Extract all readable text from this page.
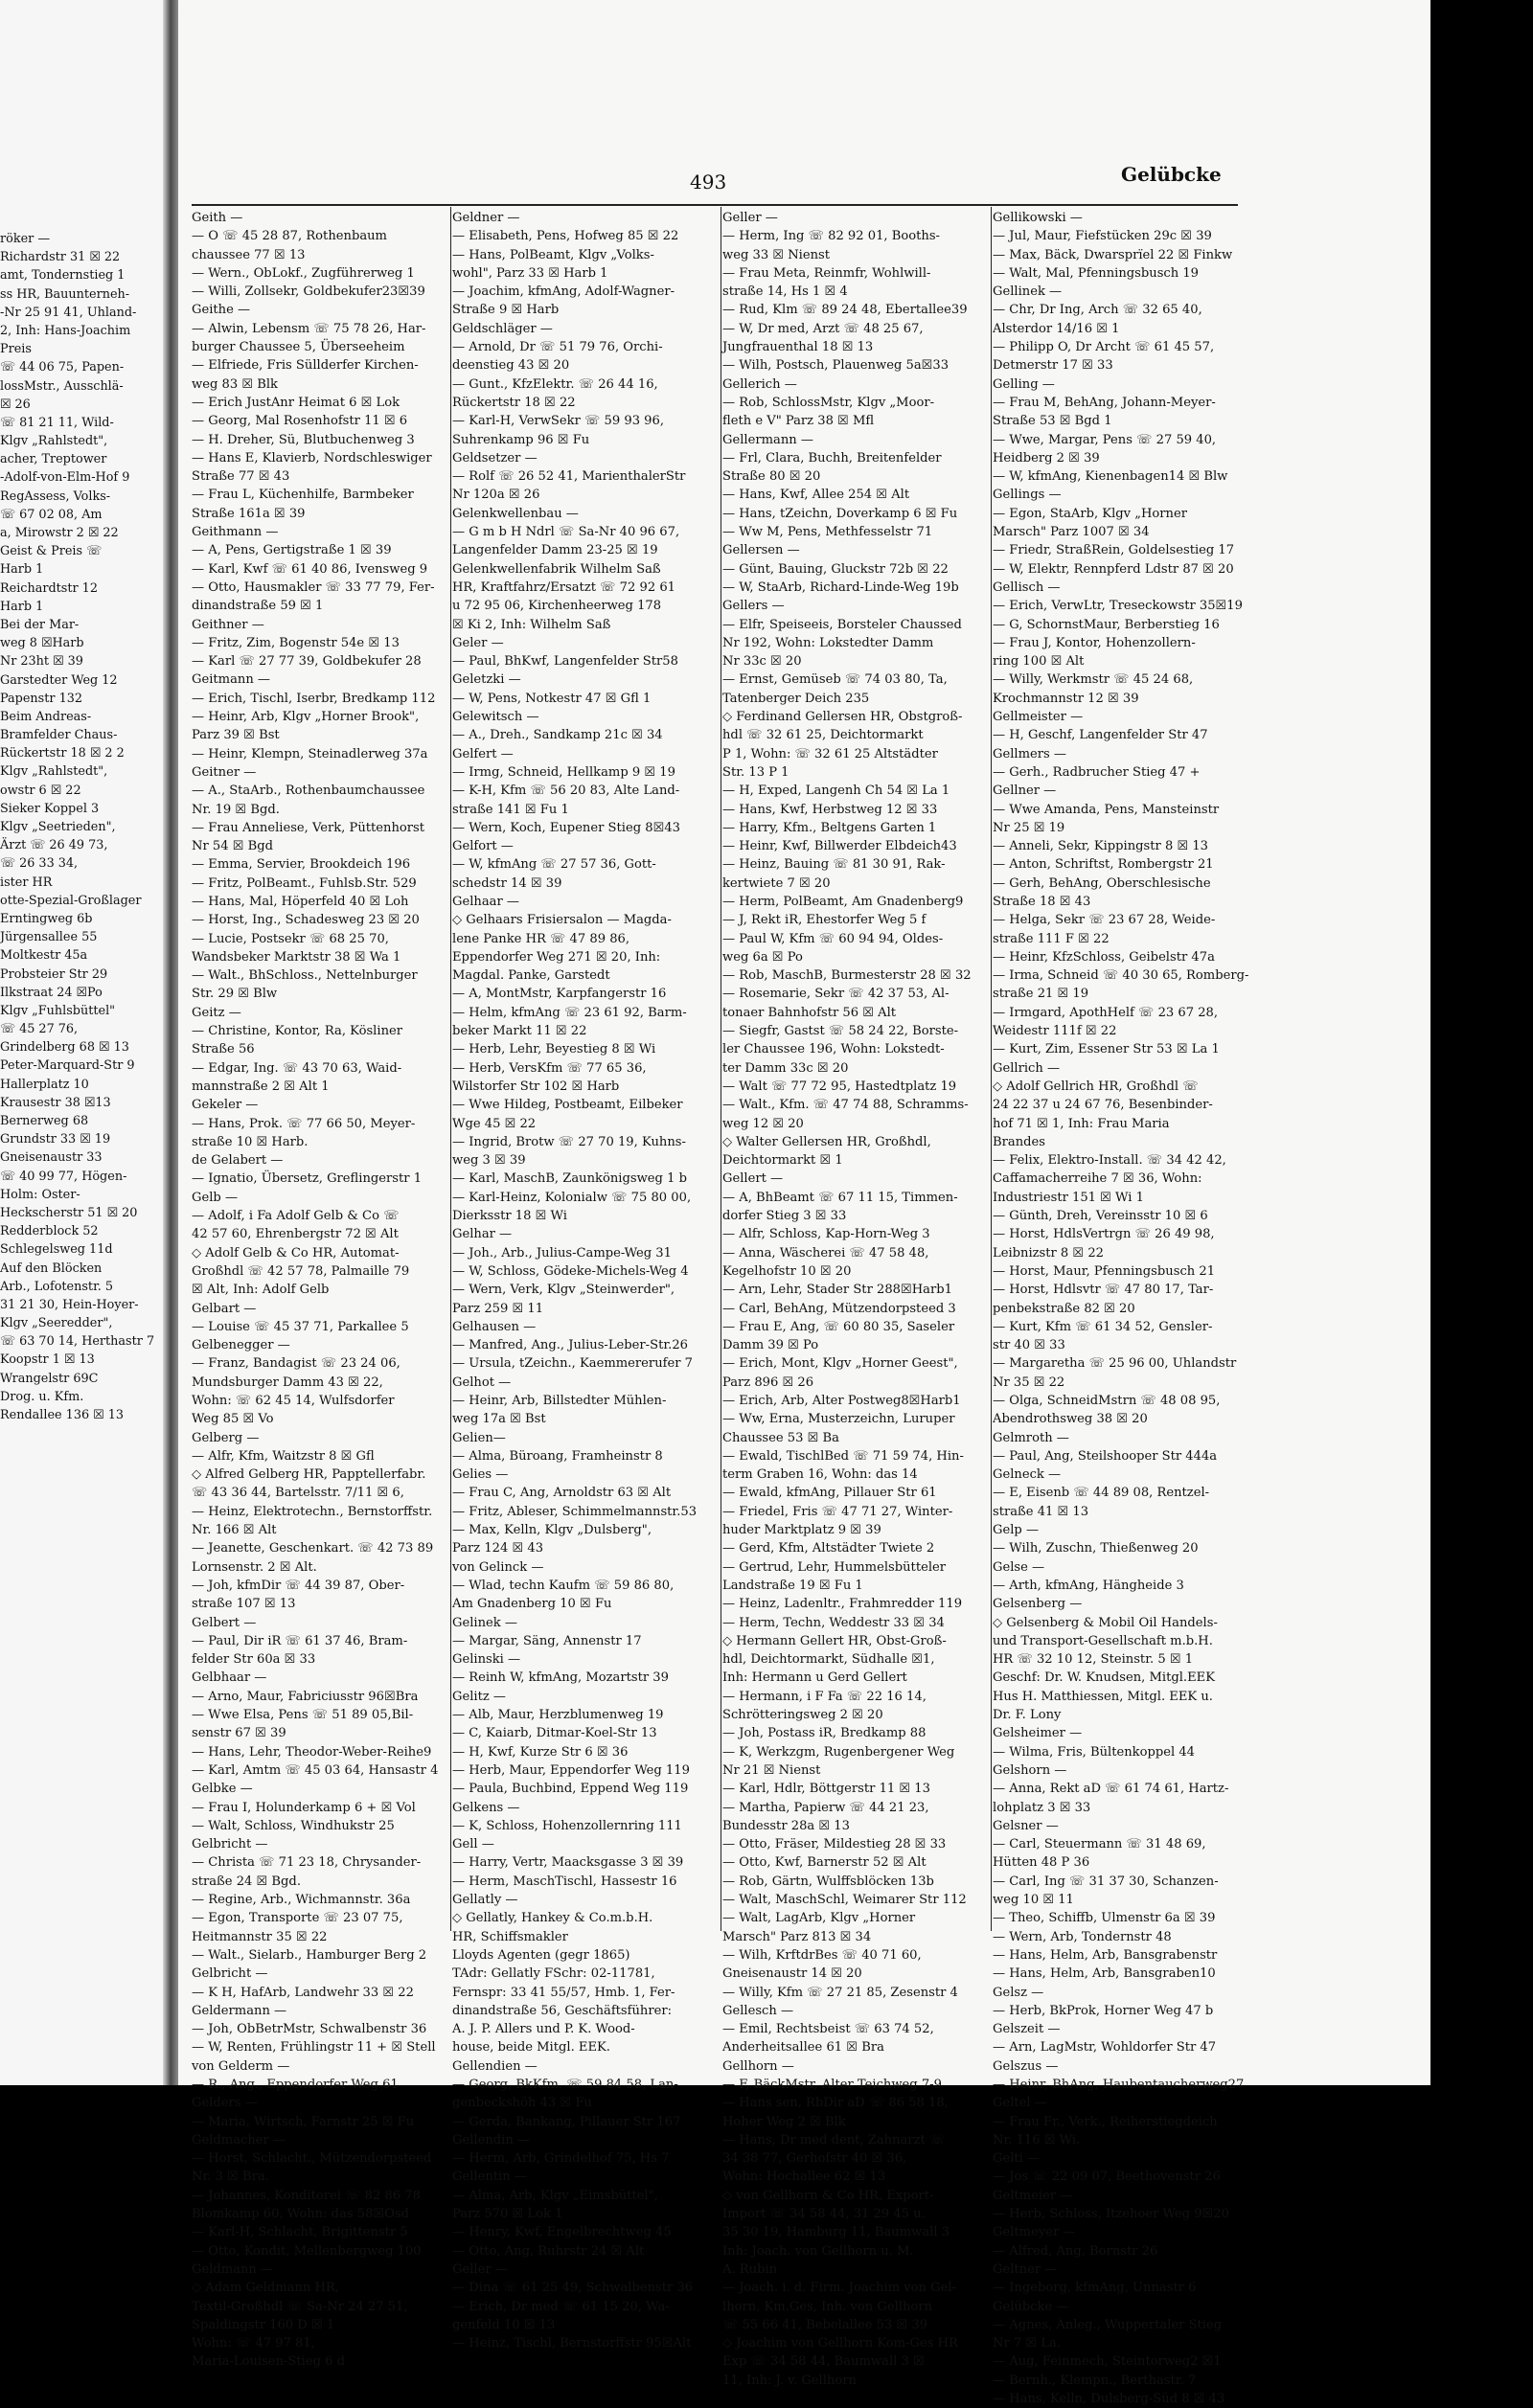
röker —
Richardstr 31 ☒ 22
amt, Tondernstieg 1
ss HR, Bauunterneh-
-Nr 25 91 41, Uhland-
2, Inh: Hans-Joachim
Preis
☏ 44 06 75, Papen-
lossMstr., Ausschlä-
☒ 26
☏ 81 21 11, Wild-
Klgv „Rahlstedt",
acher, Treptower
-Adolf-von-Elm-Hof 9
RegAssess, Volks-
☏ 67 02 08, Am
a, Mirowstr 2 ☒ 22
Geist & Preis ☏
Harb 1
Reichardtstr 12
Harb 1
Bei der Mar-
weg 8 ☒Harb
Nr 23ht ☒ 39
Garstedter Weg 12
Papenstr 132
Beim Andreas-
Bramfelder Chaus-
Rückertstr 18 ☒ 2 2
Klgv „Rahlstedt",
owstr 6 ☒ 22
Sieker Koppel 3
Klgv „Seetrieden",
Ärzt ☏ 26 49 73,
☏ 26 33 34,
ister HR
otte-Spezial-Großlager
Erntingweg 6b
Jürgensallee 55
Moltkestr 45a
Probsteier Str 29
Ilkstraat 24 ☒Po
Klgv „Fuhlsbüttel"
☏ 45 27 76,
Grindelberg 68 ☒ 13
Peter-Marquard-Str 9
Hallerplatz 10
Krausestr 38 ☒13
Bernerweg 68
Grundstr 33 ☒ 19
Gneisenaustr 33
☏ 40 99 77, Högen-
Holm: Oster-
Heckscherstr 51 ☒ 20
Redderblock 52
Schlegelsweg 11d
Auf den Blöcken
Arb., Lofotenstr. 5
31 21 30, Hein-Hoyer-
Klgv „Seeredder",
☏ 63 70 14, Herthastr 7
Koopstr 1 ☒ 13
Wrangelstr 69C
Drog. u. Kfm.
Rendallee 136 ☒ 13
493	Gelübcke
Geith —
— O ☏ 45 28 87, Rothenbaum
chaussee 77 ☒ 13
— Wern., ObLokf., Zugführerweg 1
— Willi, Zollsekr, Goldbekufer23☒39
Geithe —
— Alwin, Lebensm ☏ 75 78 26, Har-
burger Chaussee 5, Überseeheim
— Elfriede, Fris Süllderfer Kirchen-
weg 83 ☒ Blk
— Erich JustAnr Heimat 6 ☒ Lok
— Georg, Mal Rosenhofstr 11 ☒ 6
— H. Dreher, Sü, Blutbuchenweg 3
— Hans E, Klavierb, Nordschleswiger
Straße 77 ☒ 43
— Frau L, Küchenhilfe, Barmbeker
Straße 161a ☒ 39
Geithmann —
— A, Pens, Gertigstraße 1 ☒ 39
— Karl, Kwf ☏ 61 40 86, Ivensweg 9
— Otto, Hausmakler ☏ 33 77 79, Fer-
dinandstraße 59 ☒ 1
Geithner —
— Fritz, Zim, Bogenstr 54e ☒ 13
— Karl ☏ 27 77 39, Goldbekufer 28
Geitmann —
— Erich, Tischl, Iserbr, Bredkamp 112
— Heinr, Arb, Klgv „Horner Brook",
Parz 39 ☒ Bst
— Heinr, Klempn, Steinadlerweg 37a
Geitner —
— A., StaArb., Rothenbaumchaussee
Nr. 19 ☒ Bgd.
— Frau Anneliese, Verk, Püttenhorst
Nr 54 ☒ Bgd
— Emma, Servier, Brookdeich 196
— Fritz, PolBeamt., Fuhlsb.Str. 529
— Hans, Mal, Höperfeld 40 ☒ Loh
— Horst, Ing., Schadesweg 23 ☒ 20
— Lucie, Postsekr ☏ 68 25 70,
Wandsbeker Marktstr 38 ☒ Wa 1
— Walt., BhSchloss., Nettelnburger
Str. 29 ☒ Blw
Geitz —
— Christine, Kontor, Ra, Kösliner
Straße 56
— Edgar, Ing. ☏ 43 70 63, Waid-
mannstraße 2 ☒ Alt 1
Gekeler —
— Hans, Prok. ☏ 77 66 50, Meyer-
straße 10 ☒ Harb.
de Gelabert —
— Ignatio, Übersetz, Greflingerstr 1
Gelb —
— Adolf, i Fa Adolf Gelb & Co ☏
42 57 60, Ehrenbergstr 72 ☒ Alt
◇ Adolf Gelb & Co HR, Automat-
Großhdl ☏ 42 57 78, Palmaille 79
☒ Alt, Inh: Adolf Gelb
Gelbart —
— Louise ☏ 45 37 71, Parkallee 5
Gelbenegger —
— Franz, Bandagist ☏ 23 24 06,
Mundsburger Damm 43 ☒ 22,
Wohn: ☏ 62 45 14, Wulfsdorfer
Weg 85 ☒ Vo
Gelberg —
— Alfr, Kfm, Waitzstr 8 ☒ Gfl
◇ Alfred Gelberg HR, Papptellerfabr.
☏ 43 36 44, Bartelsstr. 7/11 ☒ 6,
— Heinz, Elektrotechn., Bernstorffstr.
Nr. 166 ☒ Alt
— Jeanette, Geschenkart. ☏ 42 73 89
Lornsenstr. 2 ☒ Alt.
— Joh, kfmDir ☏ 44 39 87, Ober-
straße 107 ☒ 13
Gelbert —
— Paul, Dir iR ☏ 61 37 46, Bram-
felder Str 60a ☒ 33
Gelbhaar —
— Arno, Maur, Fabriciusstr 96☒Bra
— Wwe Elsa, Pens ☏ 51 89 05,Bil-
senstr 67 ☒ 39
— Hans, Lehr, Theodor-Weber-Reihe9
— Karl, Amtm ☏ 45 03 64, Hansastr 4
Gelbke —
— Frau I, Holunderkamp 6 + ☒ Vol
— Walt, Schloss, Windhukstr 25
Gelbricht —
— Christa ☏ 71 23 18, Chrysander-
straße 24 ☒ Bgd.
— Regine, Arb., Wichmannstr. 36a
— Egon, Transporte ☏ 23 07 75,
Heitmannstr 35 ☒ 22
— Walt., Sielarb., Hamburger Berg 2
Gelbricht —
— K H, HafArb, Landwehr 33 ☒ 22
Geldermann —
— Joh, ObBetrMstr, Schwalbenstr 36
— W, Renten, Frühlingstr 11 + ☒ Stell
von Gelderm —
— R., Ang., Eppendorfer Weg 61
Gelders —
— Maria, Wirtsch, Farnstr 25 ☒ Fu
Geldmacher —
— Horst, Schlacht., Mützendorpsteed
Nr. 3 ☒ Bra.
— Johannes, Konditorei ☏ 82 86 78
Blomkamp 60, Wohn: das 58☒Osd
— Karl-H, Schlacht, Brigittenstr 5
— Otto, Kondit, Mellenbergweg 100
Geldmann —
◇ Adam Geldmann HR,
Textil-Großhdl ☏ Sa-Nr 24 27 51,
Spaldingstr 160 D ☒ 1
Wohn: ☏ 47 97 81,
Maria-Louisen-Stieg 6 d
Geldner —
— Elisabeth, Pens, Hofweg 85 ☒ 22
— Hans, PolBeamt, Klgv „Volks-
wohl", Parz 33 ☒ Harb 1
— Joachim, kfmAng, Adolf-Wagner-
Straße 9 ☒ Harb
Geldschläger —
— Arnold, Dr ☏ 51 79 76, Orchi-
deenstieg 43 ☒ 20
— Gunt., KfzElektr. ☏ 26 44 16,
Rückertstr 18 ☒ 22
— Karl-H, VerwSekr ☏ 59 93 96,
Suhrenkamp 96 ☒ Fu
Geldsetzer —
— Rolf ☏ 26 52 41, MarienthalerStr
Nr 120a ☒ 26
Gelenkwellenbau —
— G m b H Ndrl ☏ Sa-Nr 40 96 67,
Langenfelder Damm 23-25 ☒ 19
Gelenkwellenfabrik Wilhelm Saß
HR, Kraftfahrz/Ersatzt ☏ 72 92 61
u 72 95 06, Kirchenheerweg 178
☒ Ki 2, Inh: Wilhelm Saß
Geler —
— Paul, BhKwf, Langenfelder Str58
Geletzki —
— W, Pens, Notkestr 47 ☒ Gfl 1
Gelewitsch —
— A., Dreh., Sandkamp 21c ☒ 34
Gelfert —
— Irmg, Schneid, Hellkamp 9 ☒ 19
— K-H, Kfm ☏ 56 20 83, Alte Land-
straße 141 ☒ Fu 1
— Wern, Koch, Eupener Stieg 8☒43
Gelfort —
— W, kfmAng ☏ 27 57 36, Gott-
schedstr 14 ☒ 39
Gelhaar —
◇ Gelhaars Frisiersalon — Magda-
lene Panke HR ☏ 47 89 86,
Eppendorfer Weg 271 ☒ 20, Inh:
Magdal. Panke, Garstedt
— A, MontMstr, Karpfangerstr 16
— Helm, kfmAng ☏ 23 61 92, Barm-
beker Markt 11 ☒ 22
— Herb, Lehr, Beyestieg 8 ☒ Wi
— Herb, VersKfm ☏ 77 65 36,
Wilstorfer Str 102 ☒ Harb
— Wwe Hildeg, Postbeamt, Eilbeker
Wge 45 ☒ 22
— Ingrid, Brotw ☏ 27 70 19, Kuhns-
weg 3 ☒ 39
— Karl, MaschB, Zaunkönigsweg 1 b
— Karl-Heinz, Kolonialw ☏ 75 80 00,
Dierksstr 18 ☒ Wi
Gelhar —
— Joh., Arb., Julius-Campe-Weg 31
— W, Schloss, Gödeke-Michels-Weg 4
— Wern, Verk, Klgv „Steinwerder",
Parz 259 ☒ 11
Gelhausen —
— Manfred, Ang., Julius-Leber-Str.26
— Ursula, tZeichn., Kaemmererufer 7
Gelhot —
— Heinr, Arb, Billstedter Mühlen-
weg 17a ☒ Bst
Gelien—
— Alma, Büroang, Framheinstr 8
Gelies —
— Frau C, Ang, Arnoldstr 63 ☒ Alt
— Fritz, Ableser, Schimmelmannstr.53
— Max, Kelln, Klgv „Dulsberg",
Parz 124 ☒ 43
von Gelinck —
— Wlad, techn Kaufm ☏ 59 86 80,
Am Gnadenberg 10 ☒ Fu
Gelinek —
— Margar, Säng, Annenstr 17
Gelinski —
— Reinh W, kfmAng, Mozartstr 39
Gelitz —
— Alb, Maur, Herzblumenweg 19
— C, Kaiarb, Ditmar-Koel-Str 13
— H, Kwf, Kurze Str 6 ☒ 36
— Herb, Maur, Eppendorfer Weg 119
— Paula, Buchbind, Eppend Weg 119
Gelkens —
— K, Schloss, Hohenzollernring 111
Gell —
— Harry, Vertr, Maacksgasse 3 ☒ 39
— Herm, MaschTischl, Hassestr 16
Gellatly —
◇ Gellatly, Hankey & Co.m.b.H.
HR, Schiffsmakler
Lloyds Agenten (gegr 1865)
TAdr: Gellatly FSchr: 02-11781,
Fernspr: 33 41 55/57, Hmb. 1, Fer-
dinandstraße 56, Geschäftsführer:
A. J. P. Allers und P. K. Wood-
house, beide Mitgl. EEK.
Gellendien —
— Georg, BkKfm. ☏ 59 84 58, Lan-
genbeckshöh 43 ☒ Fu
— Gerda, Bankang, Pillauer Str 167
Gellendin —
— Herm, Arb, Grindelhof 75, Hs 7
Gellentin —
— Alma, Arb, Klgv „Eimsbüttel",
Parz 570 ☒ Lok 1
— Henry, Kwf, Engelbrechtweg 45
— Otto, Ang, Ruhrstr 24 ☒ Alt
Geller —
— Dina ☏ 61 25 49, Schwalbenstr 36
— Erich, Dr med ☏ 61 15 20, Wa-
genfeld 10 ☒ 13
— Heinz, Tischl, Bernstorffstr 95☒Alt
Geller —
— Herm, Ing ☏ 82 92 01, Booths-
weg 33 ☒ Nienst
— Frau Meta, Reinmfr, Wohlwill-
straße 14, Hs 1 ☒ 4
— Rud, Klm ☏ 89 24 48, Ebertallee39
— W, Dr med, Arzt ☏ 48 25 67,
Jungfrauenthal 18 ☒ 13
— Wilh, Postsch, Plauenweg 5a☒33
Gellerich —
— Rob, SchlossMstr, Klgv „Moor-
fleth e V" Parz 38 ☒ Mfl
Gellermann —
— Frl, Clara, Buchh, Breitenfelder
Straße 80 ☒ 20
— Hans, Kwf, Allee 254 ☒ Alt
— Hans, tZeichn, Doverkamp 6 ☒ Fu
— Ww M, Pens, Methfesselstr 71
Gellersen —
— Günt, Bauing, Gluckstr 72b ☒ 22
— W, StaArb, Richard-Linde-Weg 19b
Gellers —
— Elfr, Speiseeis, Borsteler Chaussed
Nr 192, Wohn: Lokstedter Damm
Nr 33c ☒ 20
— Ernst, Gemüseb ☏ 74 03 80, Ta,
Tatenberger Deich 235
◇ Ferdinand Gellersen HR, Obstgroß-
hdl ☏ 32 61 25, Deichtormarkt
P 1, Wohn: ☏ 32 61 25 Altstädter
Str. 13 P 1
— H, Exped, Langenh Ch 54 ☒ La 1
— Hans, Kwf, Herbstweg 12 ☒ 33
— Harry, Kfm., Beltgens Garten 1
— Heinr, Kwf, Billwerder Elbdeich43
— Heinz, Bauing ☏ 81 30 91, Rak-
kertwiete 7 ☒ 20
— Herm, PolBeamt, Am Gnadenberg9
— J, Rekt iR, Ehestorfer Weg 5 f
— Paul W, Kfm ☏ 60 94 94, Oldes-
weg 6a ☒ Po
— Rob, MaschB, Burmesterstr 28 ☒ 32
— Rosemarie, Sekr ☏ 42 37 53, Al-
tonaer Bahnhofstr 56 ☒ Alt
— Siegfr, Gastst ☏ 58 24 22, Borste-
ler Chaussee 196, Wohn: Lokstedt-
ter Damm 33c ☒ 20
— Walt ☏ 77 72 95, Hastedtplatz 19
— Walt., Kfm. ☏ 47 74 88, Schramms-
weg 12 ☒ 20
◇ Walter Gellersen HR, Großhdl,
Deichtormarkt ☒ 1
Gellert —
— A, BhBeamt ☏ 67 11 15, Timmen-
dorfer Stieg 3 ☒ 33
— Alfr, Schloss, Kap-Horn-Weg 3
— Anna, Wäscherei ☏ 47 58 48,
Kegelhofstr 10 ☒ 20
— Arn, Lehr, Stader Str 288☒Harb1
— Carl, BehAng, Mützendorpsteed 3
— Frau E, Ang, ☏ 60 80 35, Saseler
Damm 39 ☒ Po
— Erich, Mont, Klgv „Horner Geest",
Parz 896 ☒ 26
— Erich, Arb, Alter Postweg8☒Harb1
— Ww, Erna, Musterzeichn, Luruper
Chaussee 53 ☒ Ba
— Ewald, TischlBed ☏ 71 59 74, Hin-
term Graben 16, Wohn: das 14
— Ewald, kfmAng, Pillauer Str 61
— Friedel, Fris ☏ 47 71 27, Winter-
huder Marktplatz 9 ☒ 39
— Gerd, Kfm, Altstädter Twiete 2
— Gertrud, Lehr, Hummelsbütteler
Landstraße 19 ☒ Fu 1
— Heinz, Ladenltr., Frahmredder 119
— Herm, Techn, Weddestr 33 ☒ 34
◇ Hermann Gellert HR, Obst-Groß-
hdl, Deichtormarkt, Südhalle ☒1,
Inh: Hermann u Gerd Gellert
— Hermann, i F Fa ☏ 22 16 14,
Schrötteringsweg 2 ☒ 20
— Joh, Postass iR, Bredkamp 88
— K, Werkzgm, Rugenbergener Weg
Nr 21 ☒ Nienst
— Karl, Hdlr, Böttgerstr 11 ☒ 13
— Martha, Papierw ☏ 44 21 23,
Bundesstr 28a ☒ 13
— Otto, Fräser, Mildestieg 28 ☒ 33
— Otto, Kwf, Barnerstr 52 ☒ Alt
— Rob, Gärtn, Wulffsblöcken 13b
— Walt, MaschSchl, Weimarer Str 112
— Walt, LagArb, Klgv „Horner
Marsch" Parz 813 ☒ 34
— Wilh, KrftdrBes ☏ 40 71 60,
Gneisenaustr 14 ☒ 20
— Willy, Kfm ☏ 27 21 85, Zesenstr 4
Gellesch —
— Emil, Rechtsbeist ☏ 63 74 52,
Anderheitsallee 61 ☒ Bra
Gellhorn —
— F, BäckMstr, Alter Teichweg 7-9
— Hans sen, RbDir aD ☏ 86 58 18,
Hoher Weg 2 ☒ Blk
— Hans, Dr med dent, Zahnarzt ☏
34 38 77, Gerhofstr 40 ☒ 36,
Wohn: Hochallee 62 ☒ 13
◇ von Gellhorn & Co HR, Export-
Import ☏ 34 58 44, 31 29 45 u.
35 30 19, Hamburg 11, Baumwall 3
Inh: Joach. von Gellhorn u. M.
A. Rubin
— Joach. i. d. Firm. Joachim von Gel-
lhorn, Km.Ges, Inh. von Gellhorn
☏ 55 66 41, Bebelallee 53 ☒ 39
◇ Joachim von Gellhorn Kom-Ges HR
Exp ☏ 34 58 44, Baumwall 3 ☒
11, Inh: J. v. Gellhorn
Gellikowski —
— Jul, Maur, Fiefstücken 29c ☒ 39
— Max, Bäck, Dwarsprïel 22 ☒ Finkw
— Walt, Mal, Pfenningsbusch 19
Gellinek —
— Chr, Dr Ing, Arch ☏ 32 65 40,
Alsterdor 14/16 ☒ 1
— Philipp O, Dr Archt ☏ 61 45 57,
Detmerstr 17 ☒ 33
Gelling —
— Frau M, BehAng, Johann-Meyer-
Straße 53 ☒ Bgd 1
— Wwe, Margar, Pens ☏ 27 59 40,
Heidberg 2 ☒ 39
— W, kfmAng, Kienenbagen14 ☒ Blw
Gellings —
— Egon, StaArb, Klgv „Horner
Marsch" Parz 1007 ☒ 34
— Friedr, StraßRein, Goldelsestieg 17
— W, Elektr, Rennpferd Ldstr 87 ☒ 20
Gellisch —
— Erich, VerwLtr, Treseckowstr 35☒19
— G, SchornstMaur, Berberstieg 16
— Frau J, Kontor, Hohenzollern-
ring 100 ☒ Alt
— Willy, Werkmstr ☏ 45 24 68,
Krochmannstr 12 ☒ 39
Gellmeister —
— H, Geschf, Langenfelder Str 47
Gellmers —
— Gerh., Radbrucher Stieg 47 +
Gellner —
— Wwe Amanda, Pens, Mansteinstr
Nr 25 ☒ 19
— Anneli, Sekr, Kippingstr 8 ☒ 13
— Anton, Schriftst, Rombergstr 21
— Gerh, BehAng, Oberschlesische
Straße 18 ☒ 43
— Helga, Sekr ☏ 23 67 28, Weide-
straße 111 F ☒ 22
— Heinr, KfzSchloss, Geibelstr 47a
— Irma, Schneid ☏ 40 30 65, Romberg-
straße 21 ☒ 19
— Irmgard, ApothHelf ☏ 23 67 28,
Weidestr 111f ☒ 22
— Kurt, Zim, Essener Str 53 ☒ La 1
Gellrich —
◇ Adolf Gellrich HR, Großhdl ☏
24 22 37 u 24 67 76, Besenbinder-
hof 71 ☒ 1, Inh: Frau Maria
Brandes
— Felix, Elektro-Install. ☏ 34 42 42,
Caffamacherreihe 7 ☒ 36, Wohn:
Industriestr 151 ☒ Wi 1
— Günth, Dreh, Vereinsstr 10 ☒ 6
— Horst, HdlsVertrgn ☏ 26 49 98,
Leibnizstr 8 ☒ 22
— Horst, Maur, Pfenningsbusch 21
— Horst, Hdlsvtr ☏ 47 80 17, Tar-
penbekstraße 82 ☒ 20
— Kurt, Kfm ☏ 61 34 52, Gensler-
str 40 ☒ 33
— Margaretha ☏ 25 96 00, Uhlandstr
Nr 35 ☒ 22
— Olga, SchneidMstrn ☏ 48 08 95,
Abendrothsweg 38 ☒ 20
Gelmroth —
— Paul, Ang, Steilshooper Str 444a
Gelneck —
— E, Eisenb ☏ 44 89 08, Rentzel-
straße 41 ☒ 13
Gelp —
— Wilh, Zuschn, Thießenweg 20
Gelse —
— Arth, kfmAng, Hängheide 3
Gelsenberg —
◇ Gelsenberg & Mobil Oil Handels-
und Transport-Gesellschaft m.b.H.
HR ☏ 32 10 12, Steinstr. 5 ☒ 1
Geschf: Dr. W. Knudsen, Mitgl.EEK
Hus H. Matthiessen, Mitgl. EEK u.
Dr. F. Lony
Gelsheimer —
— Wilma, Fris, Bültenkoppel 44
Gelshorn —
— Anna, Rekt aD ☏ 61 74 61, Hartz-
lohplatz 3 ☒ 33
Gelsner —
— Carl, Steuermann ☏ 31 48 69,
Hütten 48 P 36
— Carl, Ing ☏ 31 37 30, Schanzen-
weg 10 ☒ 11
— Theo, Schiffb, Ulmenstr 6a ☒ 39
— Wern, Arb, Tondernstr 48
— Hans, Helm, Arb, Bansgrabenstr
— Hans, Helm, Arb, Bansgraben10
Gelsz —
— Herb, BkProk, Horner Weg 47 b
Gelszeit —
— Arn, LagMstr, Wohldorfer Str 47
Gelszus —
— Heinr, BhAng, Haubentaucherweg27
Geltel —
— Frau Fr., Verk., Reiherstiegdeich
Nr. 116 ☒ Wi.
Gelti —
— Jos ☏ 22 09 07, Beethovenstr 26
Geltmeier —
— Herb, Schloss, Itzehoer Weg 9☒20
Geltmeyer —
— Alfred, Ang, Bornstr 26
Geltner —
— Ingeborg, kfmAng, Unnastr 6
Gelübcke —
— Agnes, Anleg., Wuppertaler Stieg
Nr 7 ☒ La.
— Aug, Feinmech, Steintorweg2 ☒1
— Bernh., Klempn., Berthastr. 7
— Hans, Kelln, Dulsberg-Süd 8 ☒ 43
